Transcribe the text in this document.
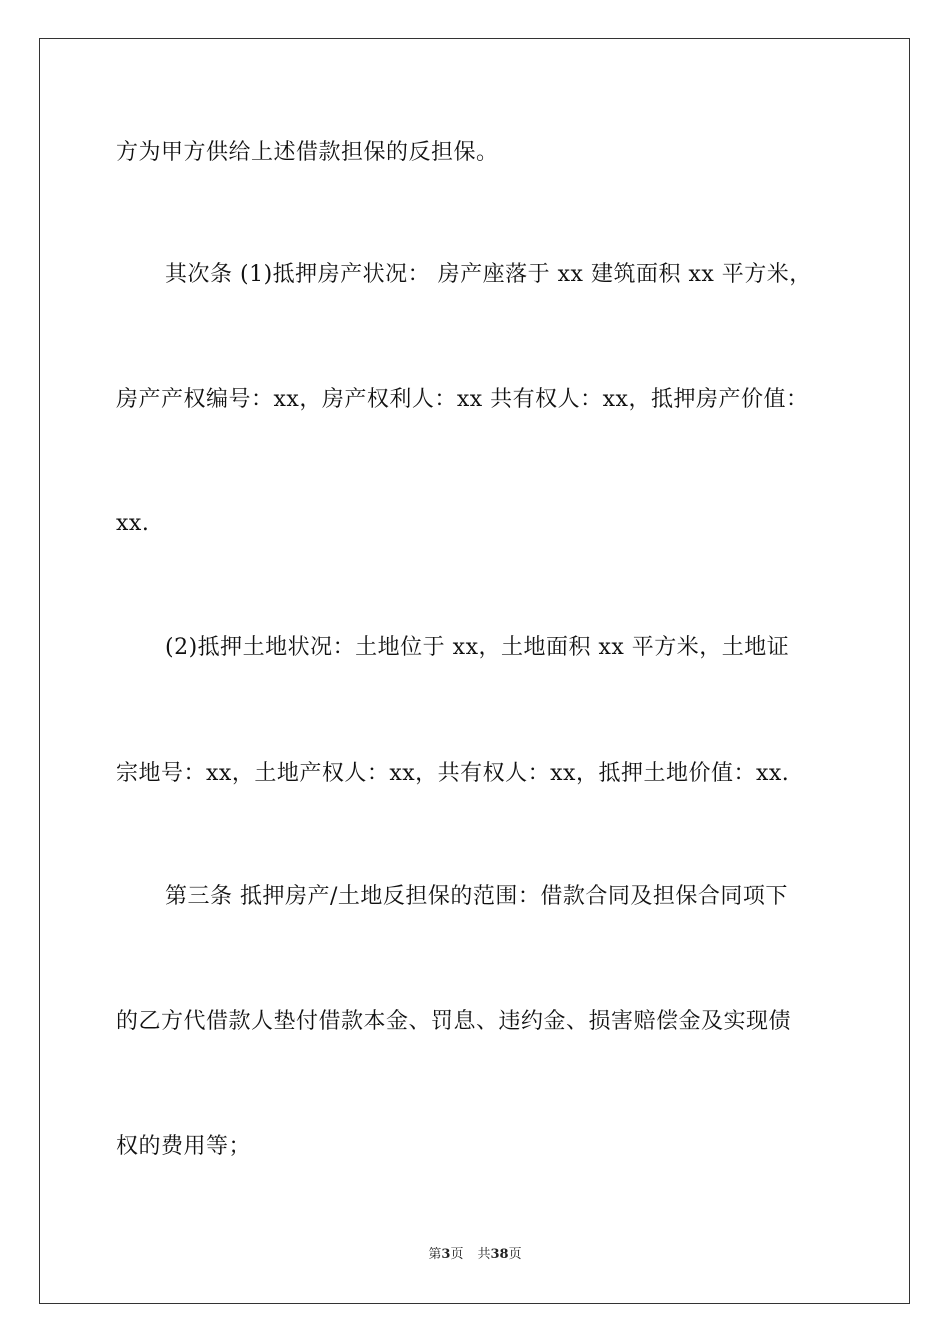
方为甲方供给上述借款担保的反担保。
其次条 (1)抵押房产状况： 房产座落于 xx 建筑面积 xx 平方米，
房产产权编号：xx，房产权利人：xx 共有权人：xx，抵押房产价值：
xx.
(2)抵押土地状况：土地位于 xx，土地面积 xx 平方米，土地证
宗地号：xx，土地产权人：xx，共有权人：xx，抵押土地价值：xx.
第三条 抵押房产/土地反担保的范围：借款合同及担保合同项下
的乙方代借款人垫付借款本金、罚息、违约金、损害赔偿金及实现债
权的费用等；
第3页 共38页
